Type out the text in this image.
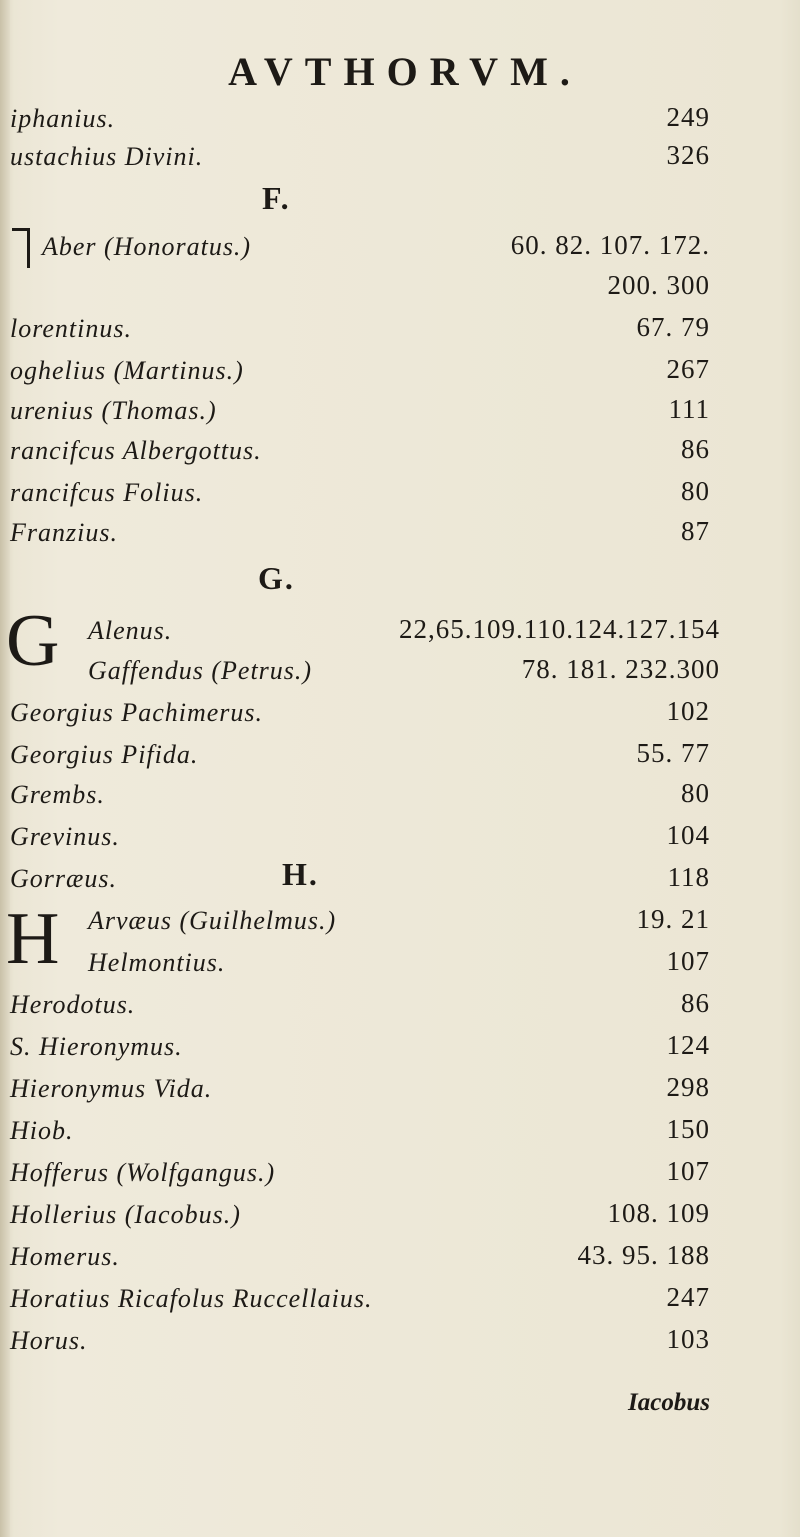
AVTHORVM.
iphanius.	249
ustachius Divini.	326
F.
Aber (Honoratus.)	60. 82. 107. 172.
200. 300
lorentinus.	67. 79
oghelius (Martinus.)	267
urenius (Thomas.)	111
rancifcus Albergottus.	86
rancifcus Folius.	80
Franzius.	87
G.
G Alenus.	22,65.109.110.124.127.154
Gaffendus (Petrus.)	78. 181. 232.300
Georgius Pachimerus.	102
Georgius Pifida.	55. 77
Grembs.	80
Grevinus.	104
Gorræus.	118
H.
H Arvæus (Guilhelmus.)	19. 21
Helmontius.	107
Herodotus.	86
S. Hieronymus.	124
Hieronymus Vida.	298
Hiob.	150
Hofferus (Wolfgangus.)	107
Hollerius (Iacobus.)	108. 109
Homerus.	43. 95. 188
Horatius Ricafolus Ruccellaius.	247
Horus.	103
Iacobus
